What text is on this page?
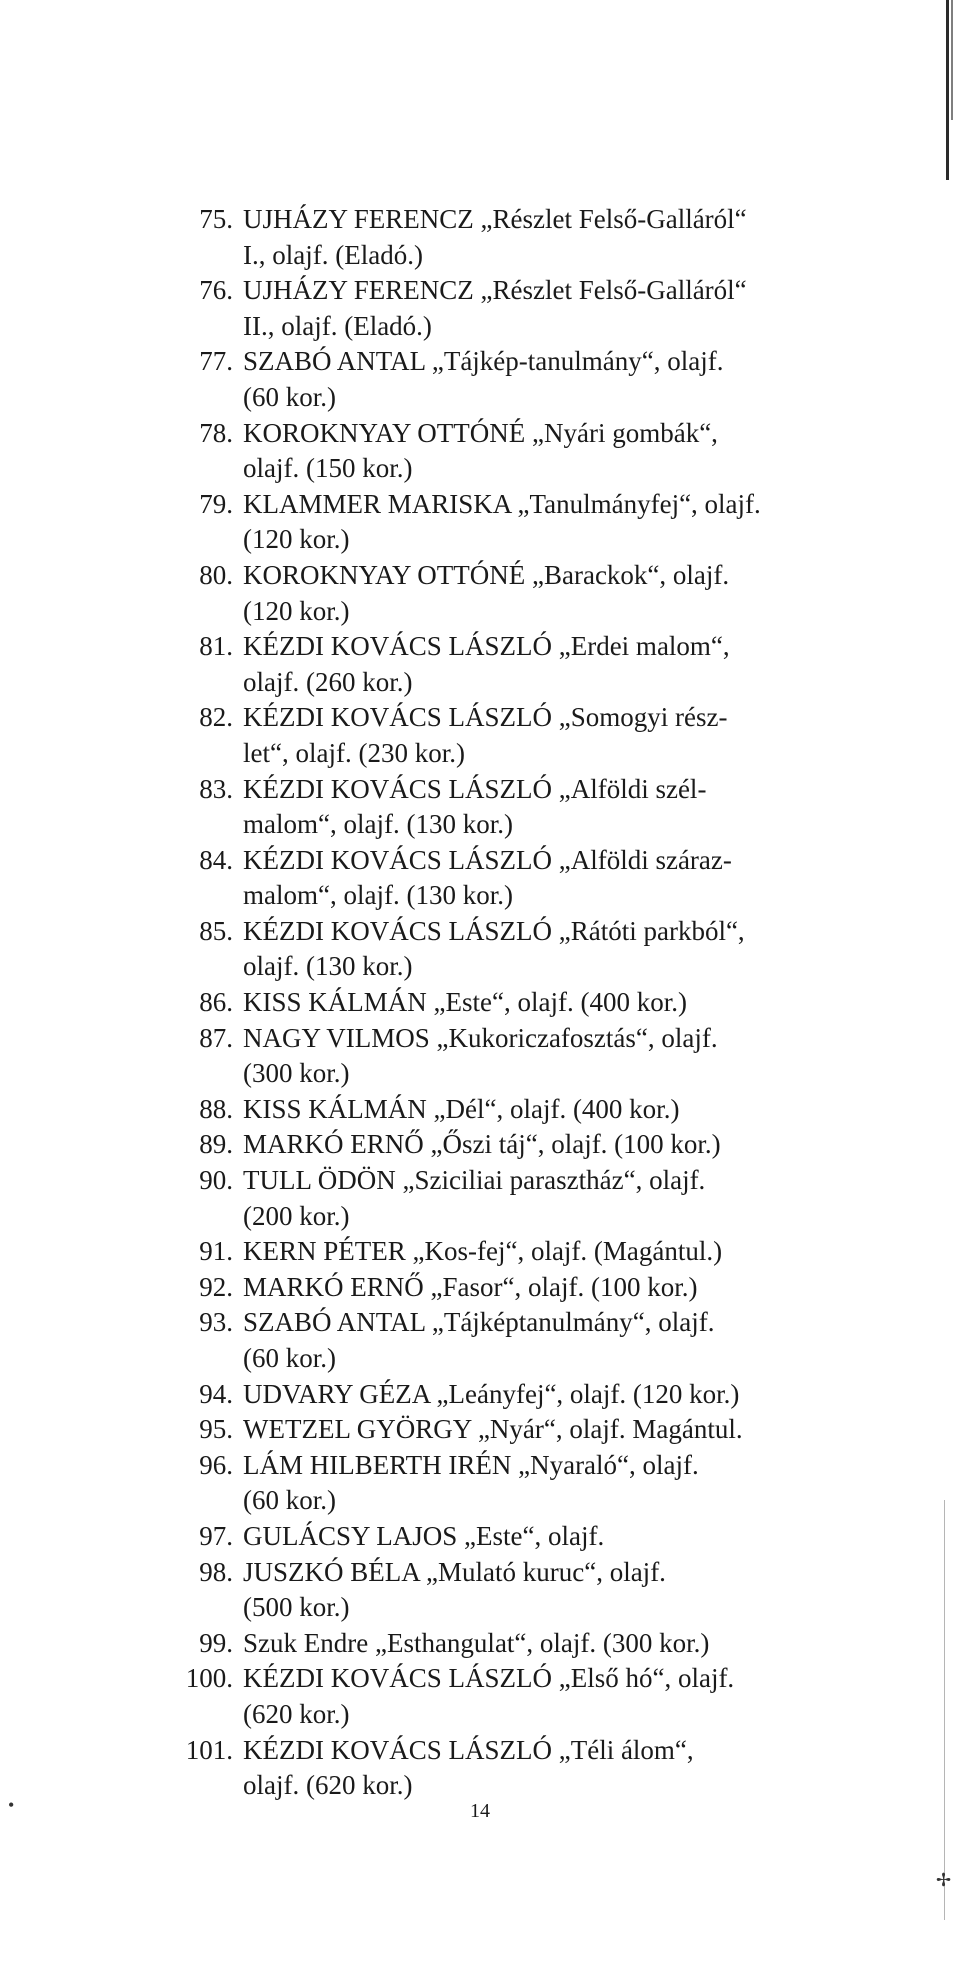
75. UJHÁZY FERENCZ „Részlet Felső-Galláról“
I., olajf. (Eladó.)
76. UJHÁZY FERENCZ „Részlet Felső-Galláról“
II., olajf. (Eladó.)
77. SZABÓ ANTAL „Tájkép-tanulmány“, olajf.
(60 kor.)
78. KOROKNYAY OTTÓNÉ „Nyári gombák“,
olajf. (150 kor.)
79. KLAMMER MARISKA „Tanulmányfej“, olajf.
(120 kor.)
80. KOROKNYAY OTTÓNÉ „Barackok“, olajf.
(120 kor.)
81. KÉZDI KOVÁCS LÁSZLÓ „Erdei malom“,
olajf. (260 kor.)
82. KÉZDI KOVÁCS LÁSZLÓ „Somogyi rész-
let“, olajf. (230 kor.)
83. KÉZDI KOVÁCS LÁSZLÓ „Alföldi szél-
malom“, olajf. (130 kor.)
84. KÉZDI KOVÁCS LÁSZLÓ „Alföldi száraz-
malom“, olajf. (130 kor.)
85. KÉZDI KOVÁCS LÁSZLÓ „Rátóti parkból“,
olajf. (130 kor.)
86. KISS KÁLMÁN „Este“, olajf. (400 kor.)
87. NAGY VILMOS „Kukoriczafosztás“, olajf.
(300 kor.)
88. KISS KÁLMÁN „Dél“, olajf. (400 kor.)
89. MARKÓ ERNŐ „Őszi táj“, olajf. (100 kor.)
90. TULL ÖDÖN „Sziciliai parasztház“, olajf.
(200 kor.)
91. KERN PÉTER „Kos-fej“, olajf. (Magántul.)
92. MARKÓ ERNŐ „Fasor“, olajf. (100 kor.)
93. SZABÓ ANTAL „Tájképtanulmány“, olajf.
(60 kor.)
94. UDVARY GÉZA „Leányfej“, olajf. (120 kor.)
95. WETZEL GYÖRGY „Nyár“, olajf. Magántul.
96. LÁM HILBERTH IRÉN „Nyaraló“, olajf.
(60 kor.)
97. GULÁCSY LAJOS „Este“, olajf.
98. JUSZKÓ BÉLA „Mulató kuruc“, olajf.
(500 kor.)
99. Szuk Endre „Esthangulat“, olajf. (300 kor.)
100. KÉZDI KOVÁCS LÁSZLÓ „Első hó“, olajf.
(620 kor.)
101. KÉZDI KOVÁCS LÁSZLÓ „Téli álom“,
olajf. (620 kor.)
14
•
✢
